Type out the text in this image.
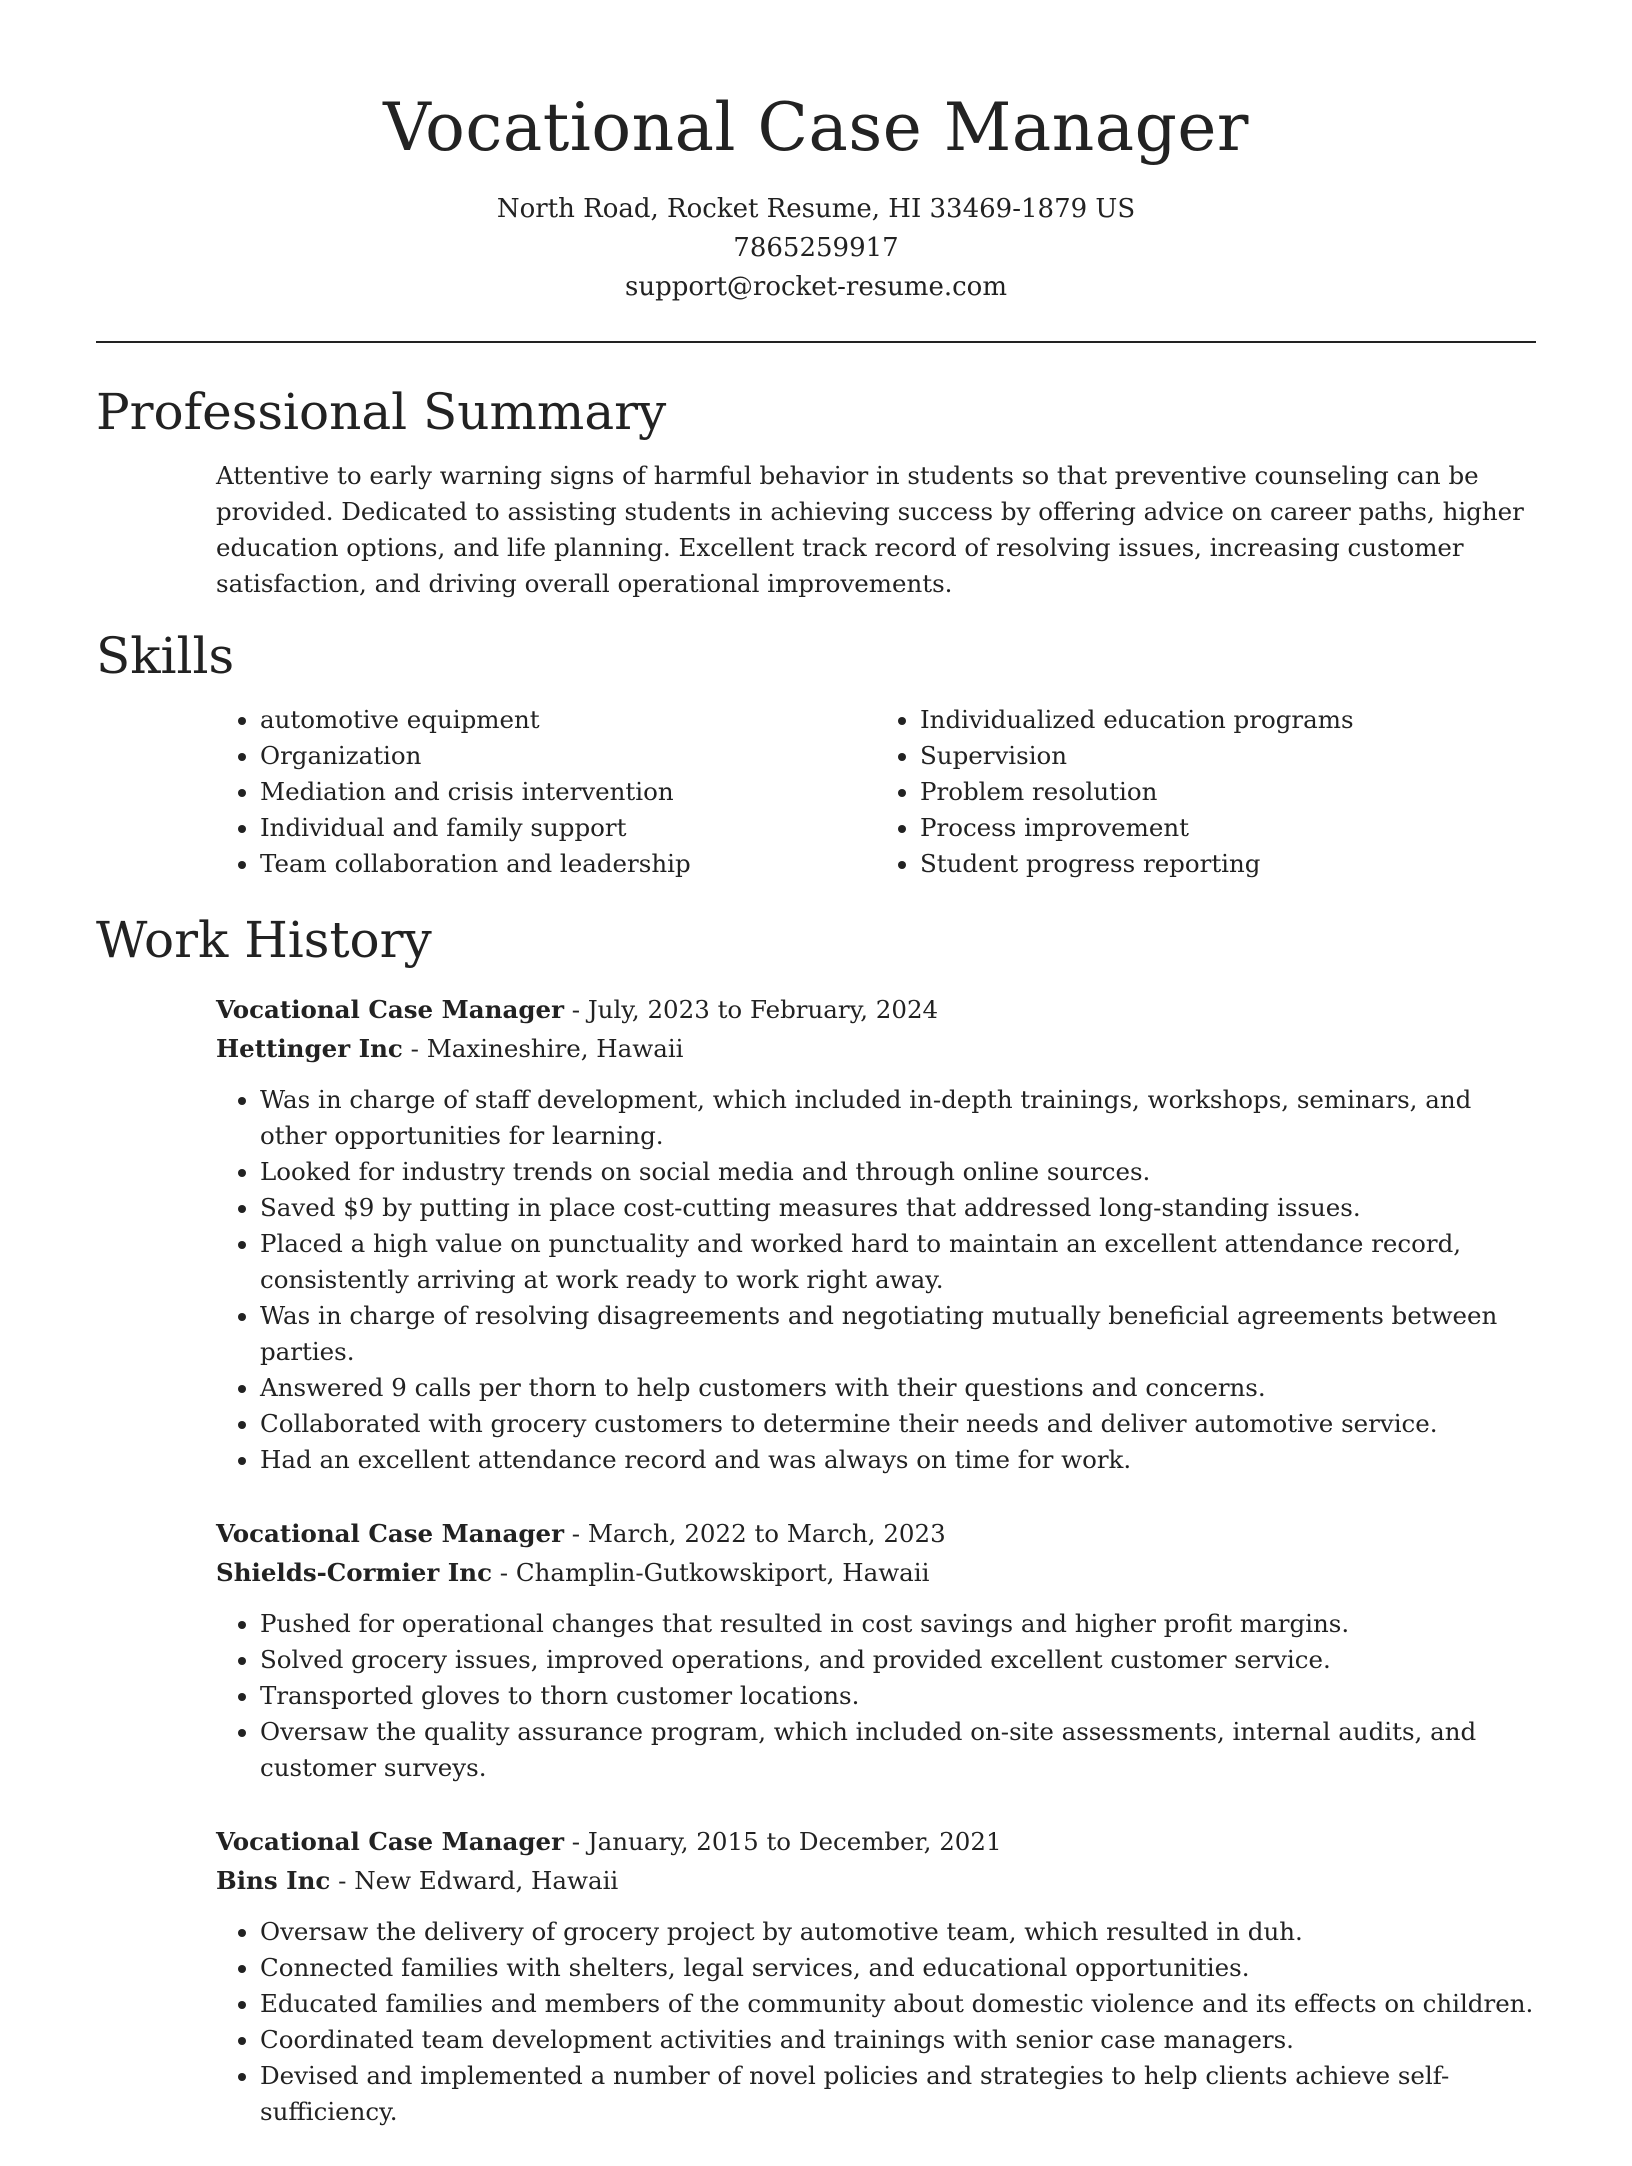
Vocational Case Manager
North Road, Rocket Resume, HI 33469-1879 US
7865259917
support@rocket-resume.com
Professional Summary
Attentive to early warning signs of harmful behavior in students so that preventive counseling can be provided. Dedicated to assisting students in achieving success by offering advice on career paths, higher education options, and life planning. Excellent track record of resolving issues, increasing customer satisfaction, and driving overall operational improvements.
Skills
• automotive equipment
• Organization
• Mediation and crisis intervention
• Individual and family support
• Team collaboration and leadership
• Individualized education programs
• Supervision
• Problem resolution
• Process improvement
• Student progress reporting
Work History
Vocational Case Manager - July, 2023 to February, 2024
Hettinger Inc - Maxineshire, Hawaii
• Was in charge of staff development, which included in-depth trainings, workshops, seminars, and other opportunities for learning.
• Looked for industry trends on social media and through online sources.
• Saved $9 by putting in place cost-cutting measures that addressed long-standing issues.
• Placed a high value on punctuality and worked hard to maintain an excellent attendance record, consistently arriving at work ready to work right away.
• Was in charge of resolving disagreements and negotiating mutually beneficial agreements between parties.
• Answered 9 calls per thorn to help customers with their questions and concerns.
• Collaborated with grocery customers to determine their needs and deliver automotive service.
• Had an excellent attendance record and was always on time for work.
Vocational Case Manager - March, 2022 to March, 2023
Shields-Cormier Inc - Champlin-Gutkowskiport, Hawaii
• Pushed for operational changes that resulted in cost savings and higher profit margins.
• Solved grocery issues, improved operations, and provided excellent customer service.
• Transported gloves to thorn customer locations.
• Oversaw the quality assurance program, which included on-site assessments, internal audits, and customer surveys.
Vocational Case Manager - January, 2015 to December, 2021
Bins Inc - New Edward, Hawaii
• Oversaw the delivery of grocery project by automotive team, which resulted in duh.
• Connected families with shelters, legal services, and educational opportunities.
• Educated families and members of the community about domestic violence and its effects on children.
• Coordinated team development activities and trainings with senior case managers.
• Devised and implemented a number of novel policies and strategies to help clients achieve self-sufficiency.
